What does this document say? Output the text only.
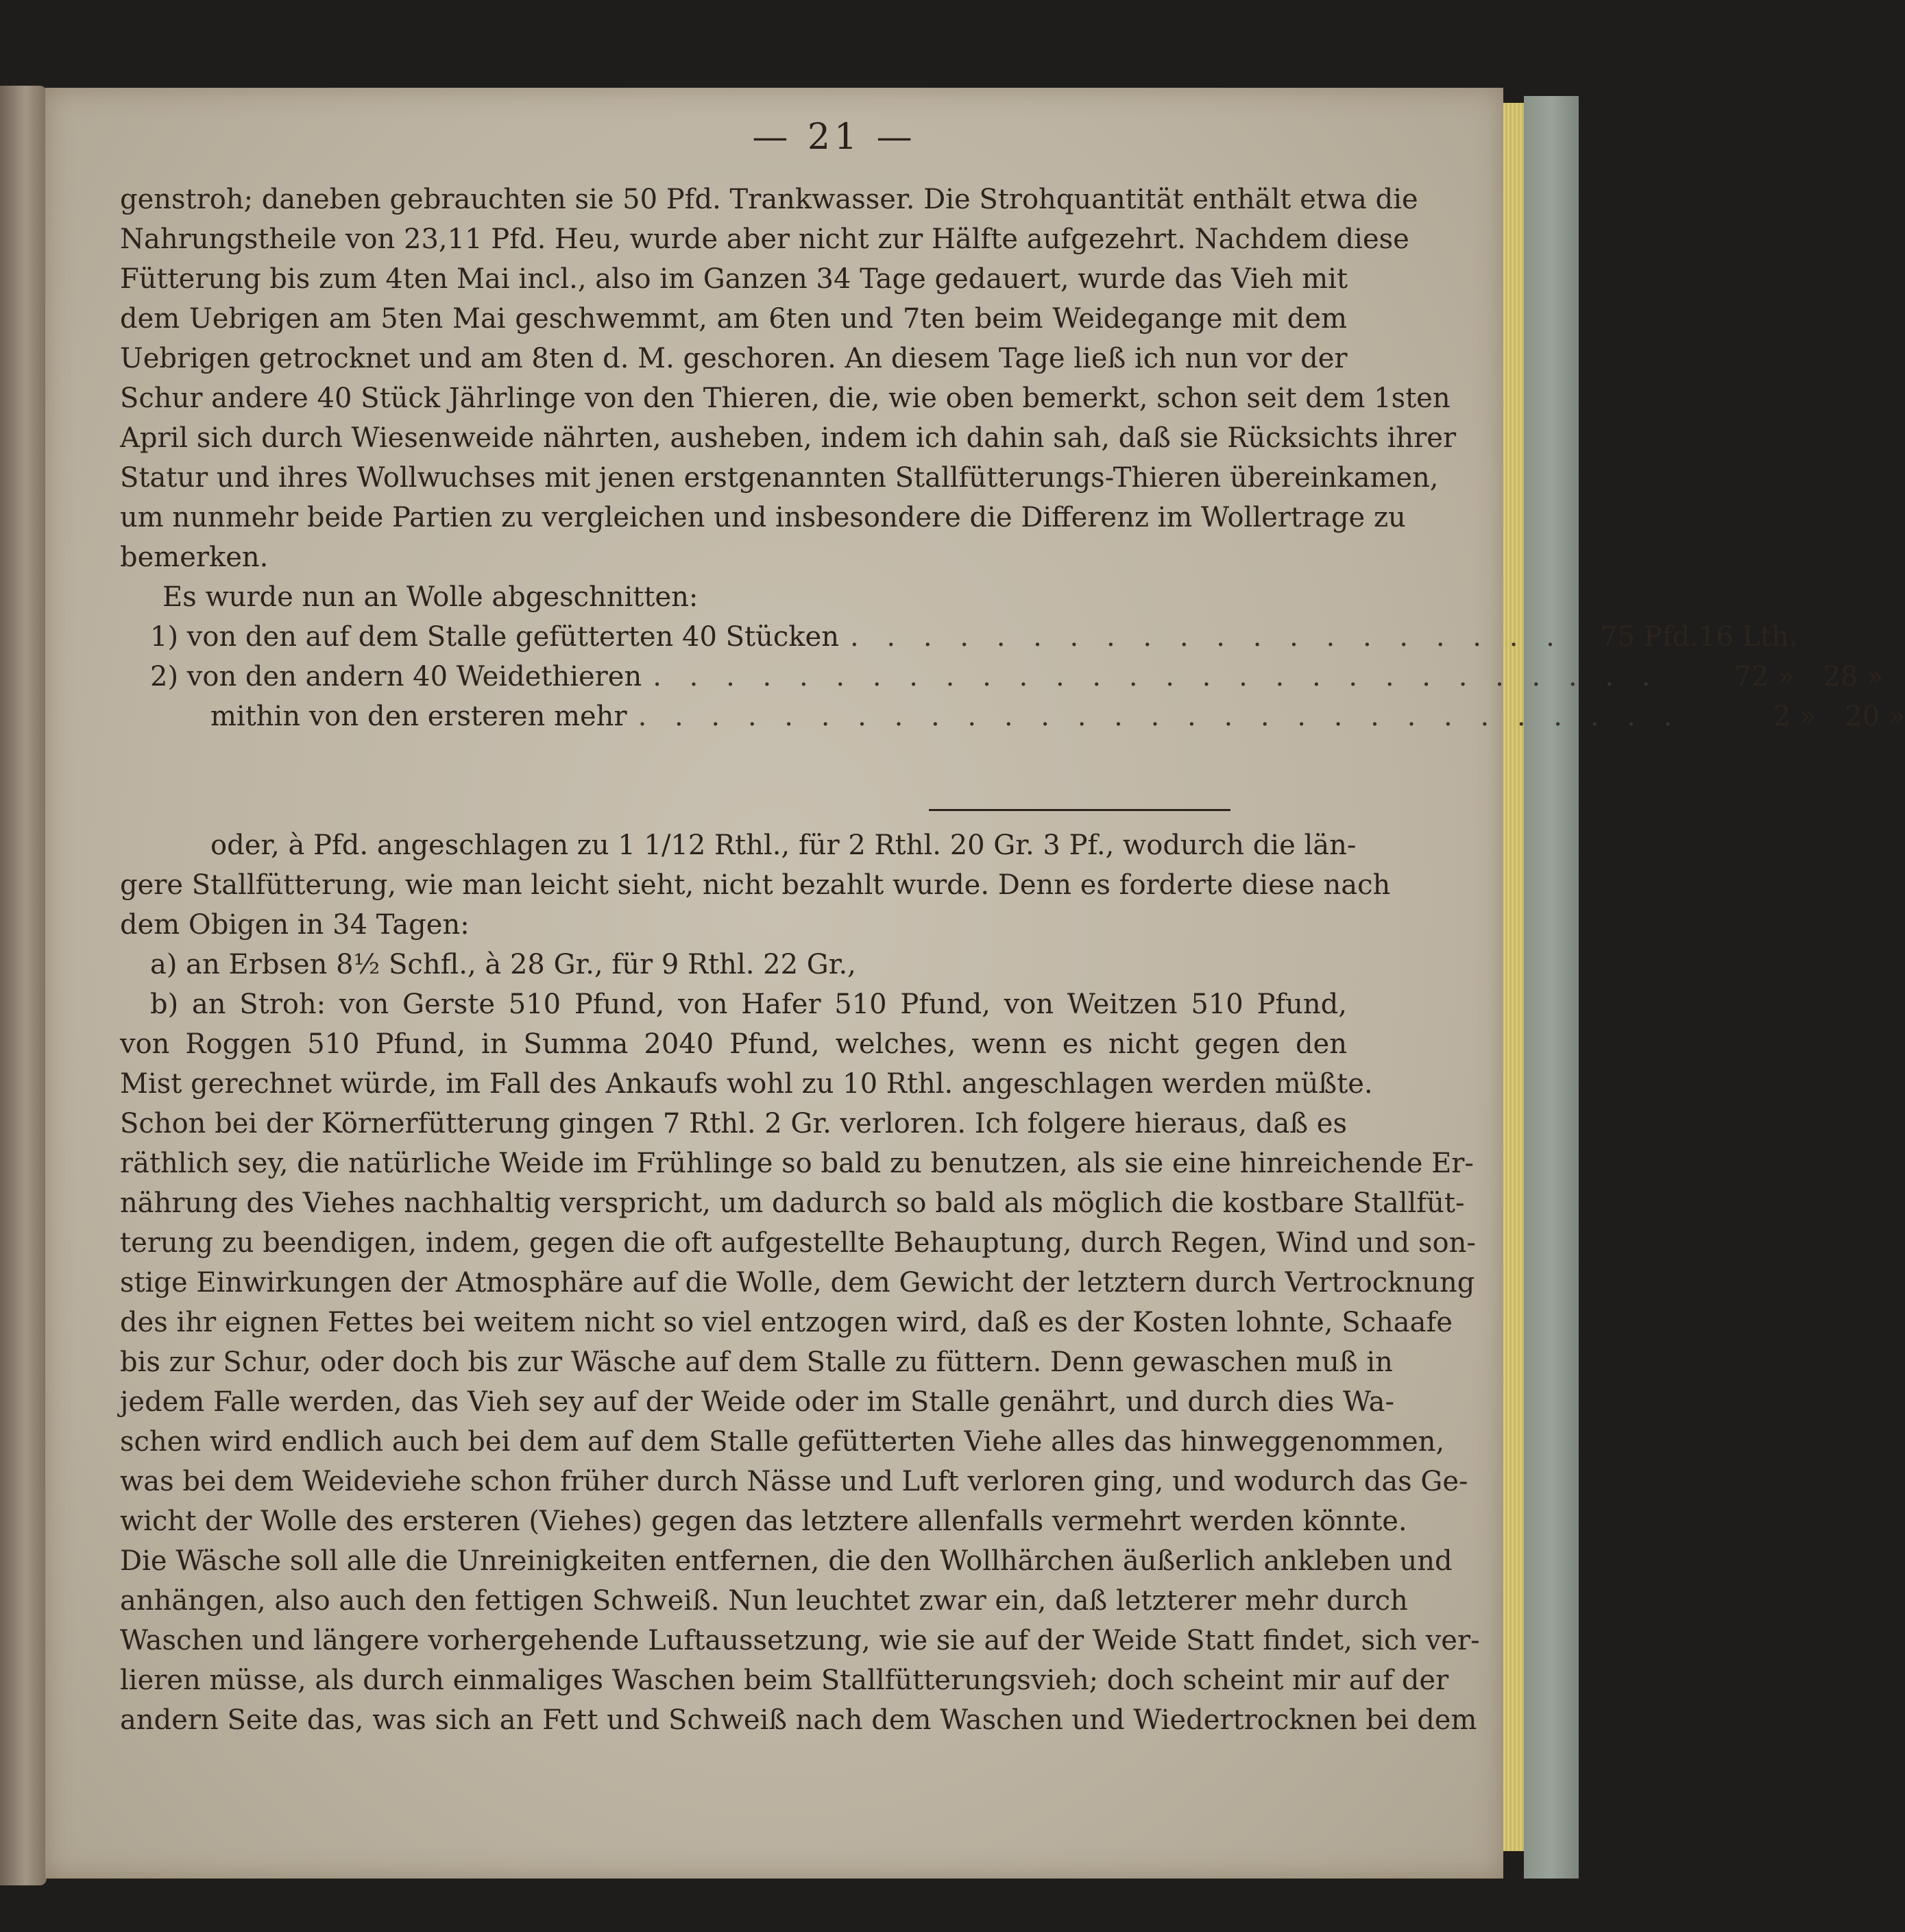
— 21 —
genstroh; daneben gebrauchten sie 50 Pfd. Trankwasser. Die Strohquantität enthält etwa die
Nahrungstheile von 23,11 Pfd. Heu, wurde aber nicht zur Hälfte aufgezehrt. Nachdem diese
Fütterung bis zum 4ten Mai incl., also im Ganzen 34 Tage gedauert, wurde das Vieh mit
dem Uebrigen am 5ten Mai geschwemmt, am 6ten und 7ten beim Weidegange mit dem
Uebrigen getrocknet und am 8ten d. M. geschoren. An diesem Tage ließ ich nun vor der
Schur andere 40 Stück Jährlinge von den Thieren, die, wie oben bemerkt, schon seit dem 1sten
April sich durch Wiesenweide nährten, ausheben, indem ich dahin sah, daß sie Rücksichts ihrer
Statur und ihres Wollwuchses mit jenen erstgenannten Stallfütterungs-Thieren übereinkamen,
um nunmehr beide Partien zu vergleichen und insbesondere die Differenz im Wollertrage zu
bemerken.
Es wurde nun an Wolle abgeschnitten:
1) von den auf dem Stalle gefütterten 40 Stücken . . . . . . . . . . . . . . . . . . . .	75 Pfd. 16 Lth.
2) von den andern 40 Weidethieren . . . . . . . . . . . . . . . . . . . . . . . . . . . .	72 »	28 »
mithin von den ersteren mehr . . . . . . . . . . . . . . . . . . . . . . . . . . . . .	2 »	20 »
oder, à Pfd. angeschlagen zu 1 1/12 Rthl., für 2 Rthl. 20 Gr. 3 Pf., wodurch die län-
gere Stallfütterung, wie man leicht sieht, nicht bezahlt wurde. Denn es forderte diese nach
dem Obigen in 34 Tagen:
a) an Erbsen 8½ Schfl., à 28 Gr., für 9 Rthl. 22 Gr.,
b) an Stroh: von Gerste 510 Pfund, von Hafer 510 Pfund, von Weitzen 510 Pfund,
von Roggen 510 Pfund, in Summa 2040 Pfund, welches, wenn es nicht gegen den
Mist gerechnet würde, im Fall des Ankaufs wohl zu 10 Rthl. angeschlagen werden müßte.
Schon bei der Körnerfütterung gingen 7 Rthl. 2 Gr. verloren. Ich folgere hieraus, daß es
räthlich sey, die natürliche Weide im Frühlinge so bald zu benutzen, als sie eine hinreichende Er-
nährung des Viehes nachhaltig verspricht, um dadurch so bald als möglich die kostbare Stallfüt-
terung zu beendigen, indem, gegen die oft aufgestellte Behauptung, durch Regen, Wind und son-
stige Einwirkungen der Atmosphäre auf die Wolle, dem Gewicht der letztern durch Vertrocknung
des ihr eignen Fettes bei weitem nicht so viel entzogen wird, daß es der Kosten lohnte, Schaafe
bis zur Schur, oder doch bis zur Wäsche auf dem Stalle zu füttern. Denn gewaschen muß in
jedem Falle werden, das Vieh sey auf der Weide oder im Stalle genährt, und durch dies Wa-
schen wird endlich auch bei dem auf dem Stalle gefütterten Viehe alles das hinweggenommen,
was bei dem Weideviehe schon früher durch Nässe und Luft verloren ging, und wodurch das Ge-
wicht der Wolle des ersteren (Viehes) gegen das letztere allenfalls vermehrt werden könnte.
Die Wäsche soll alle die Unreinigkeiten entfernen, die den Wollhärchen äußerlich ankleben und
anhängen, also auch den fettigen Schweiß. Nun leuchtet zwar ein, daß letzterer mehr durch
Waschen und längere vorhergehende Luftaussetzung, wie sie auf der Weide Statt findet, sich ver-
lieren müsse, als durch einmaliges Waschen beim Stallfütterungsvieh; doch scheint mir auf der
andern Seite das, was sich an Fett und Schweiß nach dem Waschen und Wiedertrocknen bei dem
